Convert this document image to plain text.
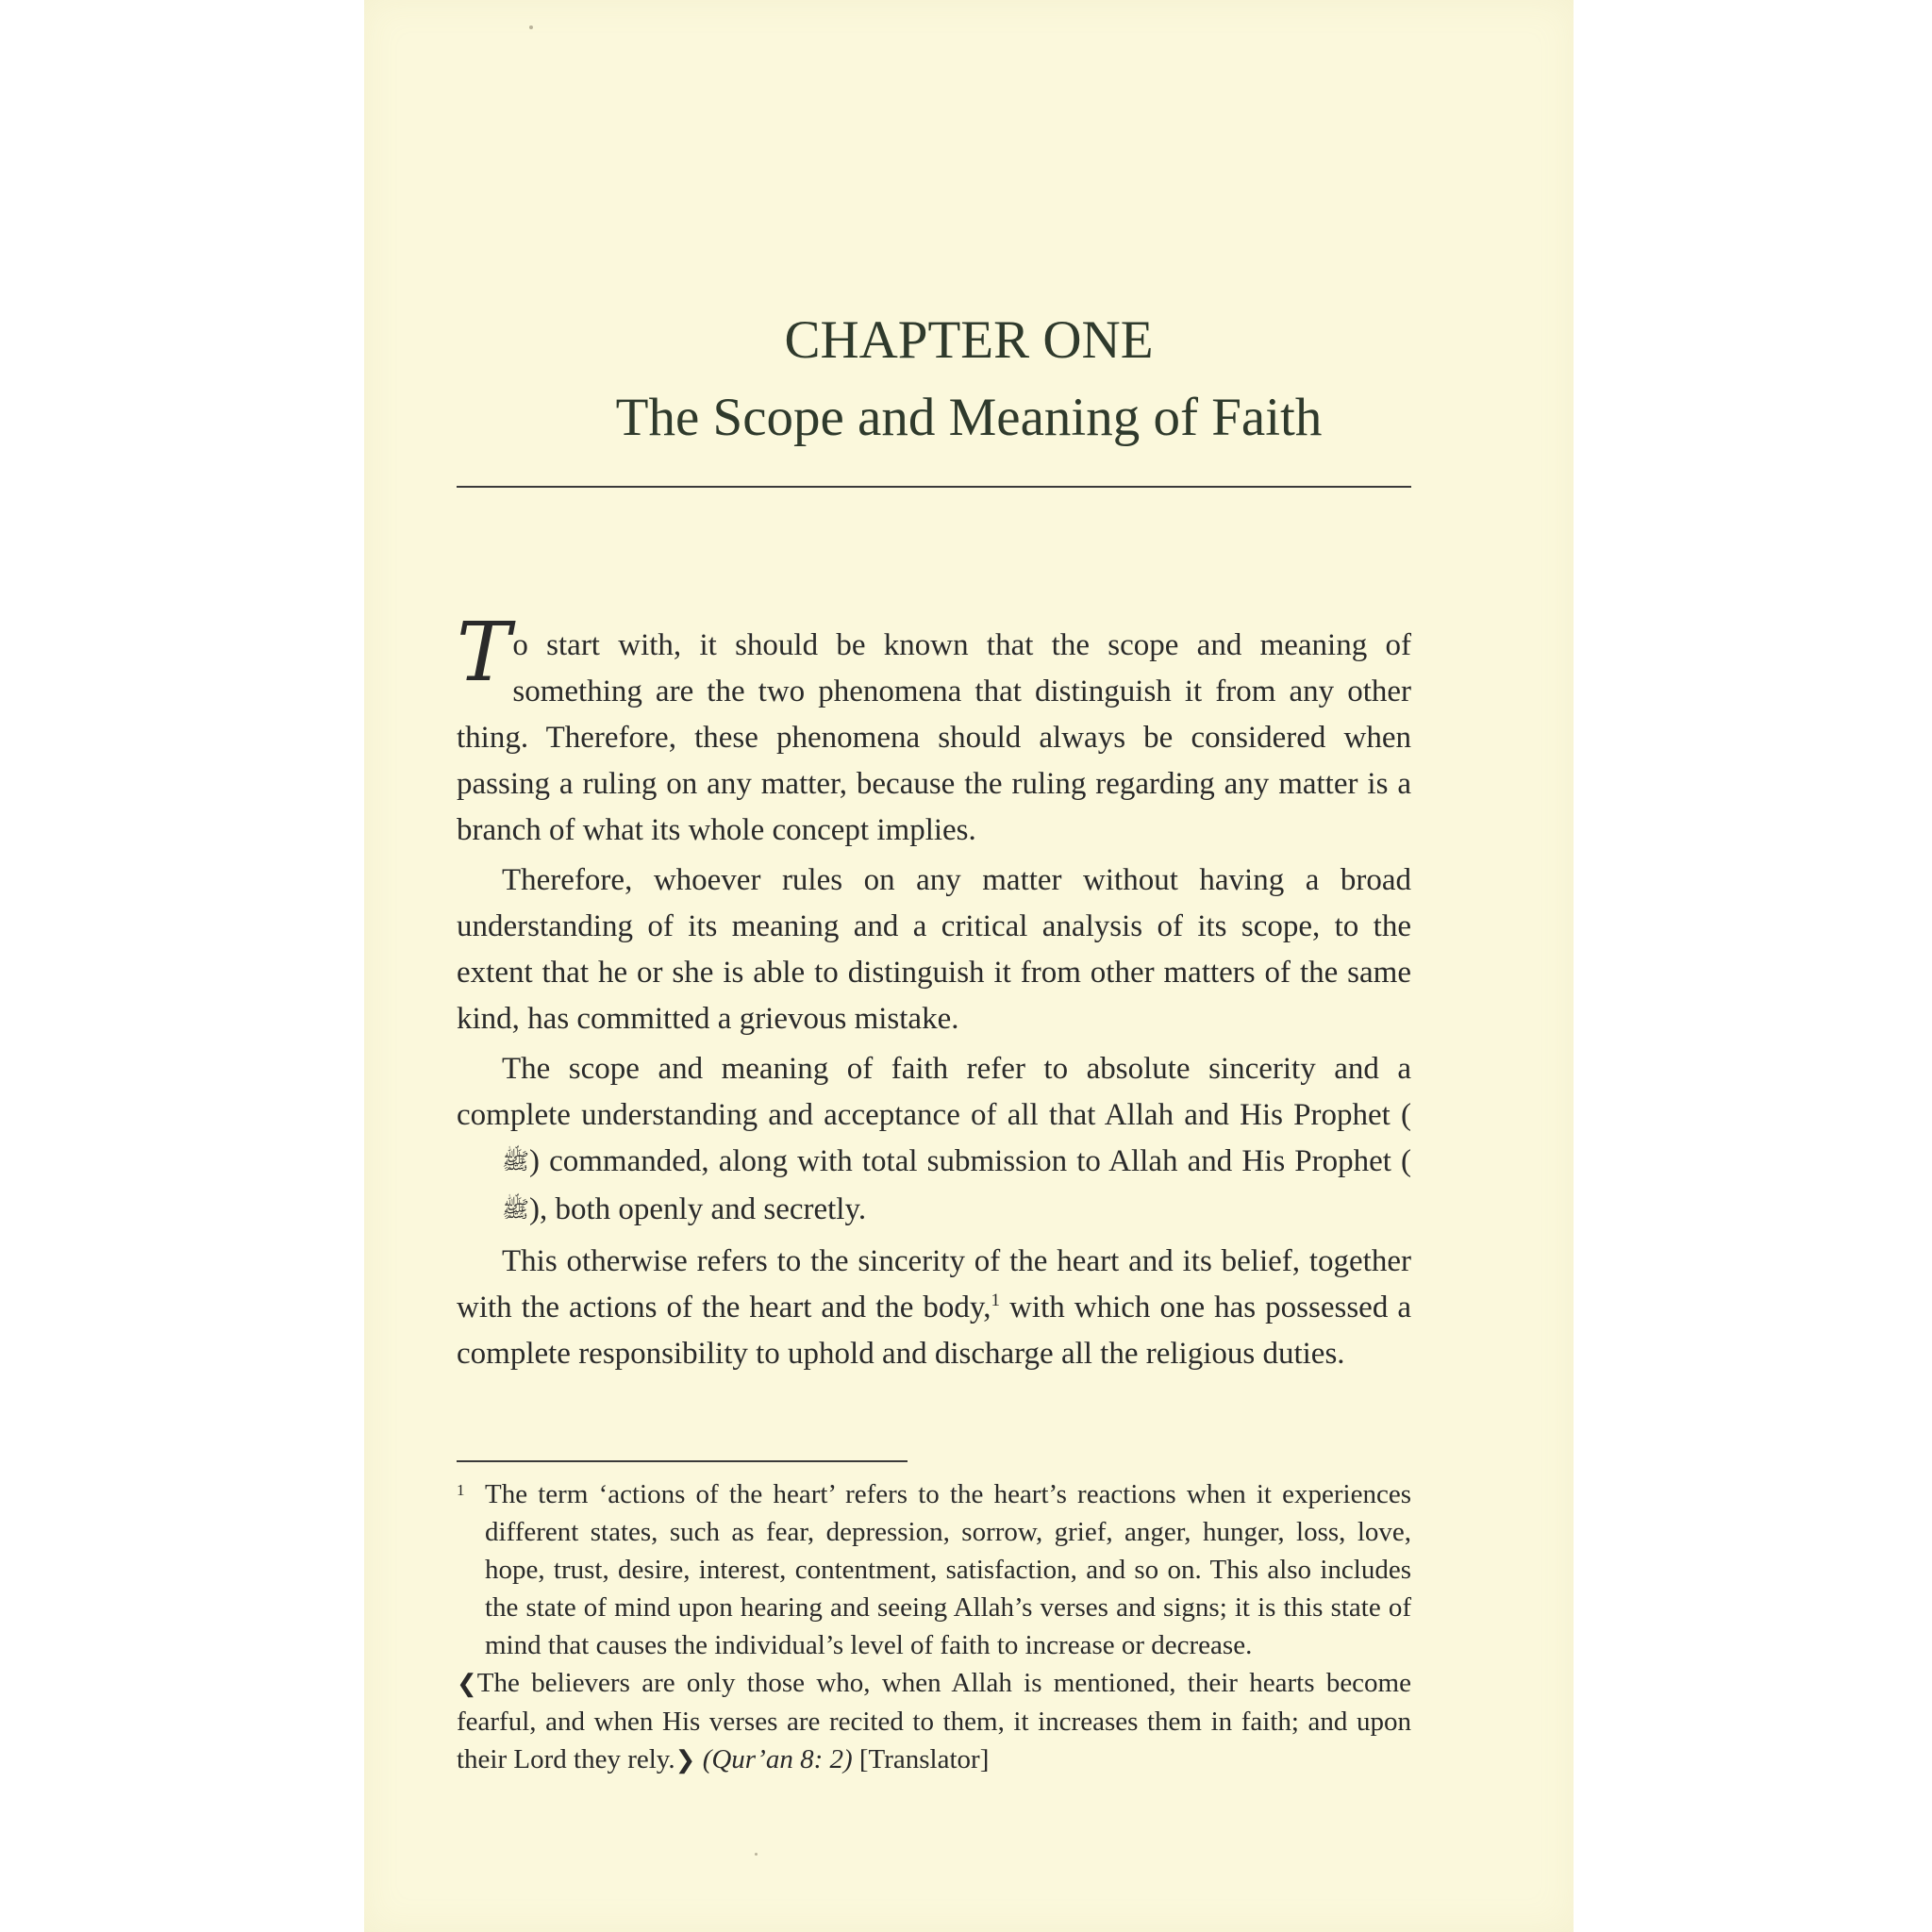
CHAPTER ONE
The Scope and Meaning of Faith

To start with, it should be known that the scope and meaning of something are the two phenomena that distinguish it from any other thing. Therefore, these phenomena should always be considered when passing a ruling on any matter, because the ruling regarding any matter is a branch of what its whole concept implies.

Therefore, whoever rules on any matter without having a broad understanding of its meaning and a critical analysis of its scope, to the extent that he or she is able to distinguish it from other matters of the same kind, has committed a grievous mistake.

The scope and meaning of faith refer to absolute sincerity and a complete understanding and acceptance of all that Allah and His Prophet (ﷺ) commanded, along with total submission to Allah and His Prophet (ﷺ), both openly and secretly.

This otherwise refers to the sincerity of the heart and its belief, together with the actions of the heart and the body,$^1$ with which one has possessed a complete responsibility to uphold and discharge all the religious duties.

1 The term ‘actions of the heart’ refers to the heart’s reactions when it experiences different states, such as fear, depression, sorrow, grief, anger, hunger, loss, love, hope, trust, desire, interest, contentment, satisfaction, and so on. This also includes the state of mind upon hearing and seeing Allah’s verses and signs; it is this state of mind that causes the individual’s level of faith to increase or decrease.

❮The believers are only those who, when Allah is mentioned, their hearts become fearful, and when His verses are recited to them, it increases them in faith; and upon their Lord they rely.❯ (Qur’an 8: 2) [Translator]
